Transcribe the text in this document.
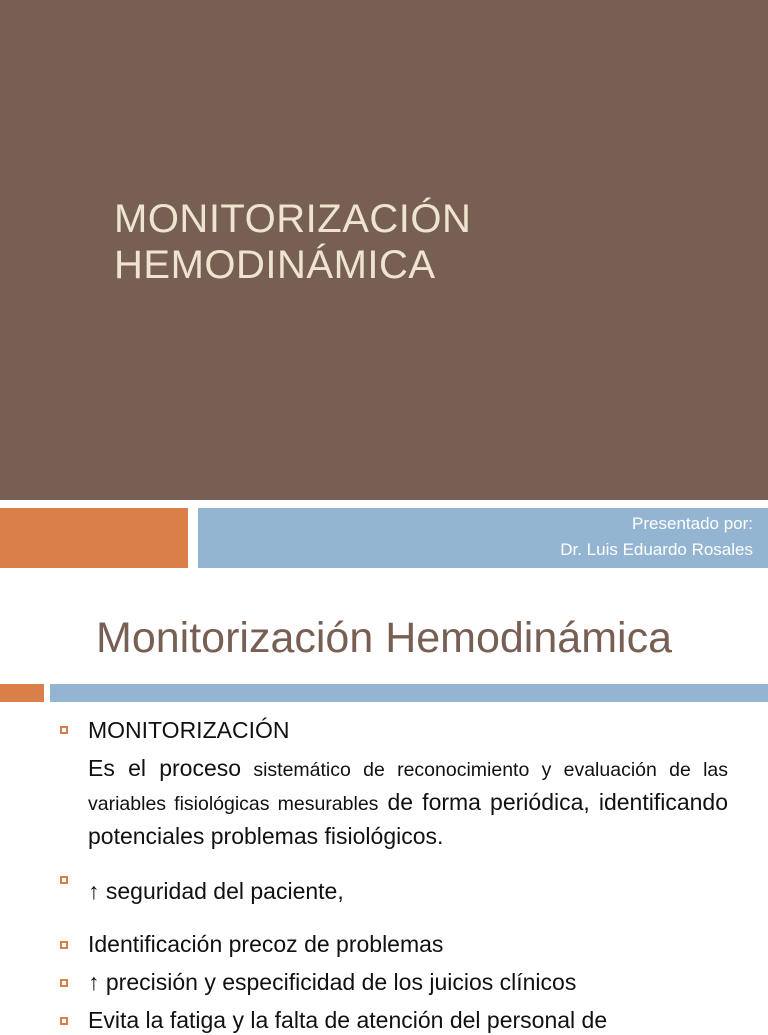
MONITORIZACIÓN
HEMODINÁMICA
Presentado por:
Dr. Luis Eduardo Rosales
Monitorización Hemodinámica
MONITORIZACIÓN

Es el proceso sistemático de reconocimiento y evaluación de las variables fisiológicas mesurables de forma periódica, identificando potenciales problemas fisiológicos.

↑ seguridad del paciente,
Identificación precoz de problemas
↑ precisión y especificidad de los juicios clínicos
Evita la fatiga y la falta de atención del personal de
